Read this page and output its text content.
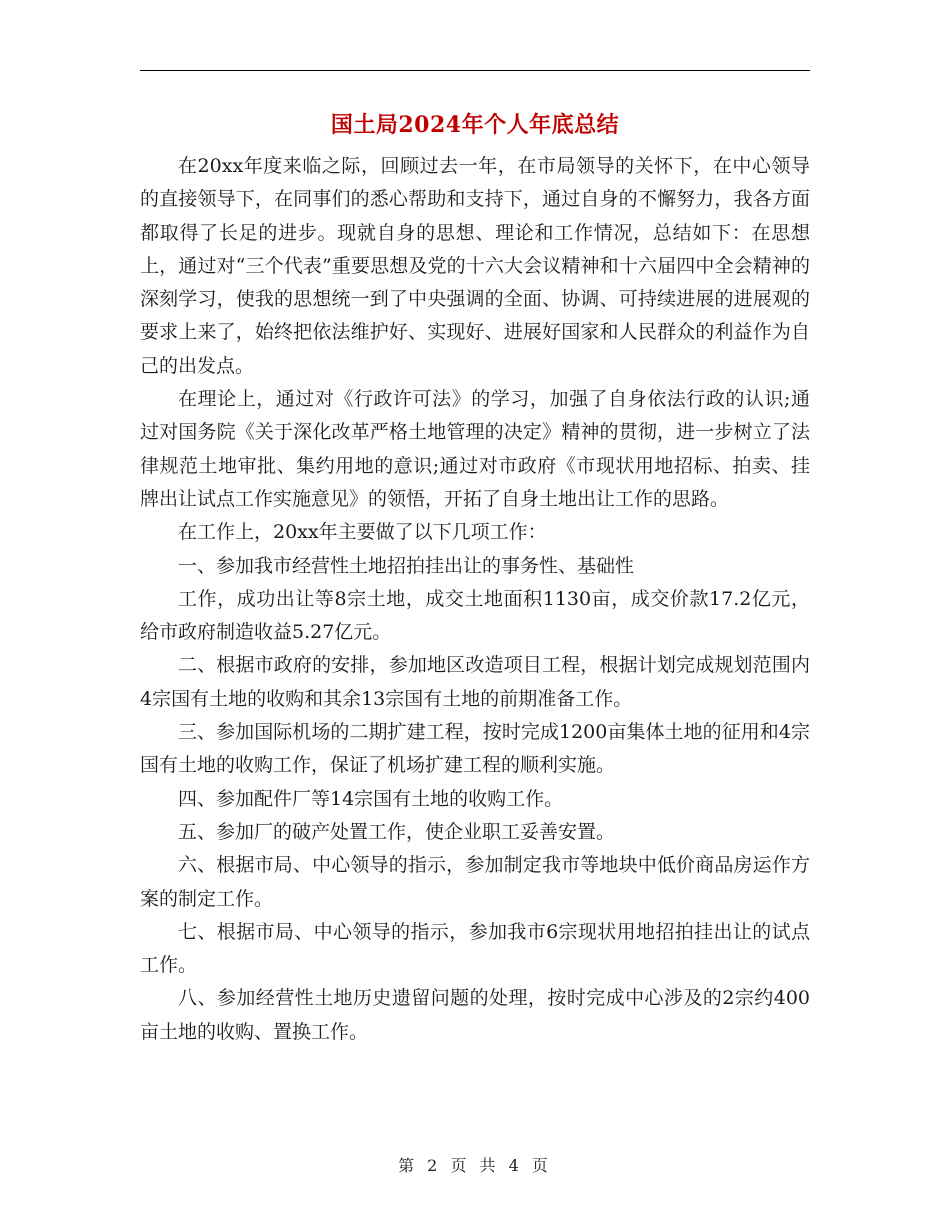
国土局2024年个人年底总结

在20xx年度来临之际，回顾过去一年，在市局领导的关怀下，在中心领导的直接领导下，在同事们的悉心帮助和支持下，通过自身的不懈努力，我各方面都取得了长足的进步。现就自身的思想、理论和工作情况，总结如下：在思想上，通过对“三个代表”重要思想及党的十六大会议精神和十六届四中全会精神的深刻学习，使我的思想统一到了中央强调的全面、协调、可持续进展的进展观的要求上来了，始终把依法维护好、实现好、进展好国家和人民群众的利益作为自己的出发点。

在理论上，通过对《行政许可法》的学习，加强了自身依法行政的认识;通过对国务院《关于深化改革严格土地管理的决定》精神的贯彻，进一步树立了法律规范土地审批、集约用地的意识;通过对市政府《市现状用地招标、拍卖、挂牌出让试点工作实施意见》的领悟，开拓了自身土地出让工作的思路。

在工作上，20xx年主要做了以下几项工作：

一、参加我市经营性土地招拍挂出让的事务性、基础性

工作，成功出让等8宗土地，成交土地面积1130亩，成交价款17.2亿元，给市政府制造收益5.27亿元。

二、根据市政府的安排，参加地区改造项目工程，根据计划完成规划范围内4宗国有土地的收购和其余13宗国有土地的前期准备工作。

三、参加国际机场的二期扩建工程，按时完成1200亩集体土地的征用和4宗国有土地的收购工作，保证了机场扩建工程的顺利实施。

四、参加配件厂等14宗国有土地的收购工作。

五、参加厂的破产处置工作，使企业职工妥善安置。

六、根据市局、中心领导的指示，参加制定我市等地块中低价商品房运作方案的制定工作。

七、根据市局、中心领导的指示，参加我市6宗现状用地招拍挂出让的试点工作。

八、参加经营性土地历史遗留问题的处理，按时完成中心涉及的2宗约400亩土地的收购、置换工作。

第 2 页 共 4 页
